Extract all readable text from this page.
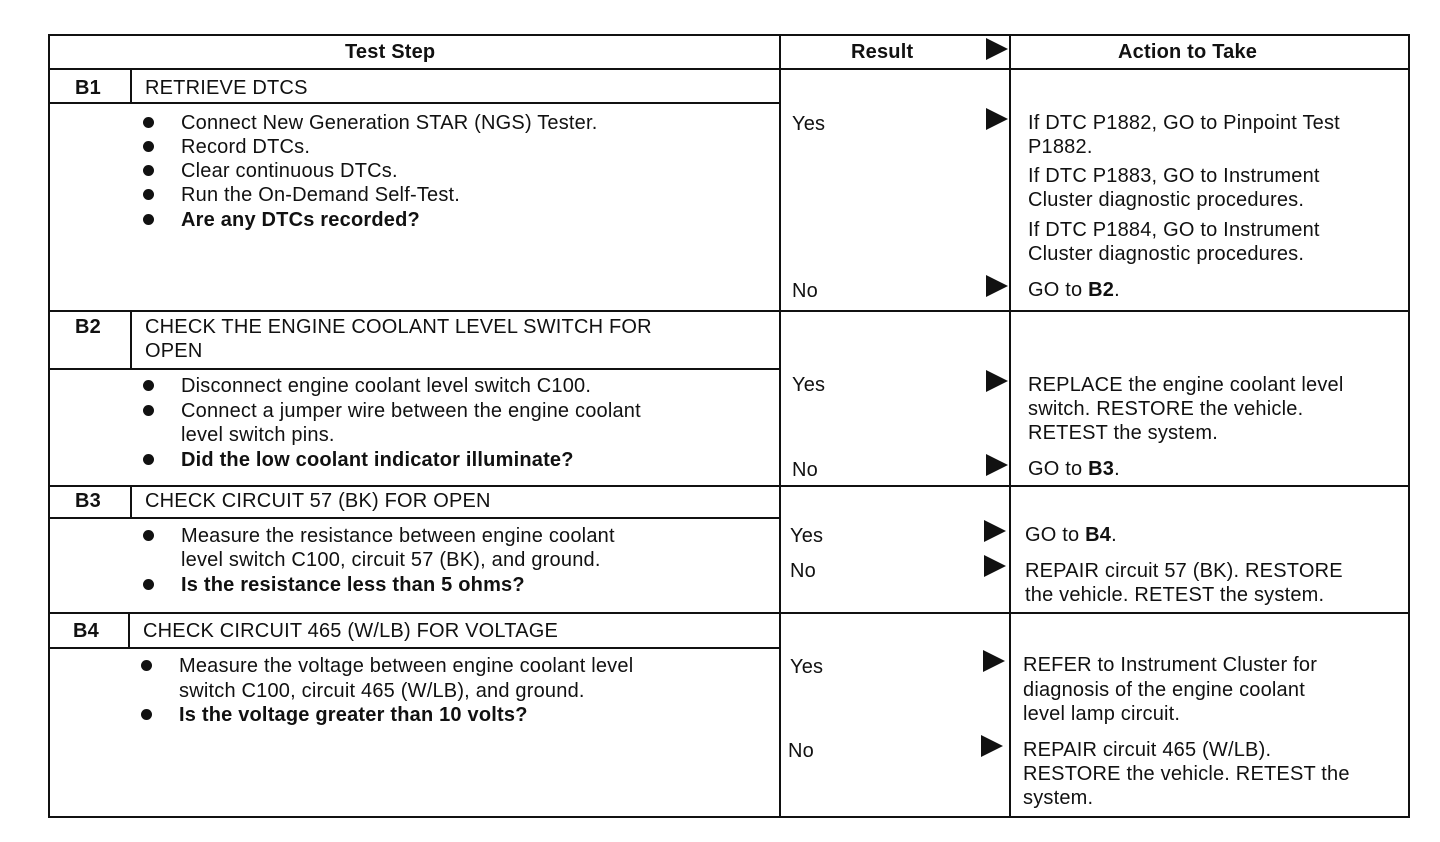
Test Step	Result	Action to Take
B1 RETRIEVE DTCS
Connect New Generation STAR (NGS) Tester.
Record DTCs.
Clear continuous DTCs.
Run the On-Demand Self-Test.
Are any DTCs recorded?
Yes	If DTC P1882, GO to Pinpoint Test
P1882.
If DTC P1883, GO to Instrument
Cluster diagnostic procedures.
If DTC P1884, GO to Instrument
Cluster diagnostic procedures.
No	GO to B2.
B2 CHECK THE ENGINE COOLANT LEVEL SWITCH FOR
OPEN
Disconnect engine coolant level switch C100.
Connect a jumper wire between the engine coolant
level switch pins.
Did the low coolant indicator illuminate?
Yes	REPLACE the engine coolant level
switch. RESTORE the vehicle.
RETEST the system.
No	GO to B3.
B3 CHECK CIRCUIT 57 (BK) FOR OPEN
Measure the resistance between engine coolant
level switch C100, circuit 57 (BK), and ground.
Is the resistance less than 5 ohms?
Yes	GO to B4.
No	REPAIR circuit 57 (BK). RESTORE
the vehicle. RETEST the system.
B4 CHECK CIRCUIT 465 (W/LB) FOR VOLTAGE
Measure the voltage between engine coolant level
switch C100, circuit 465 (W/LB), and ground.
Is the voltage greater than 10 volts?
Yes	REFER to Instrument Cluster for
diagnosis of the engine coolant
level lamp circuit.
No	REPAIR circuit 465 (W/LB).
RESTORE the vehicle. RETEST the
system.
